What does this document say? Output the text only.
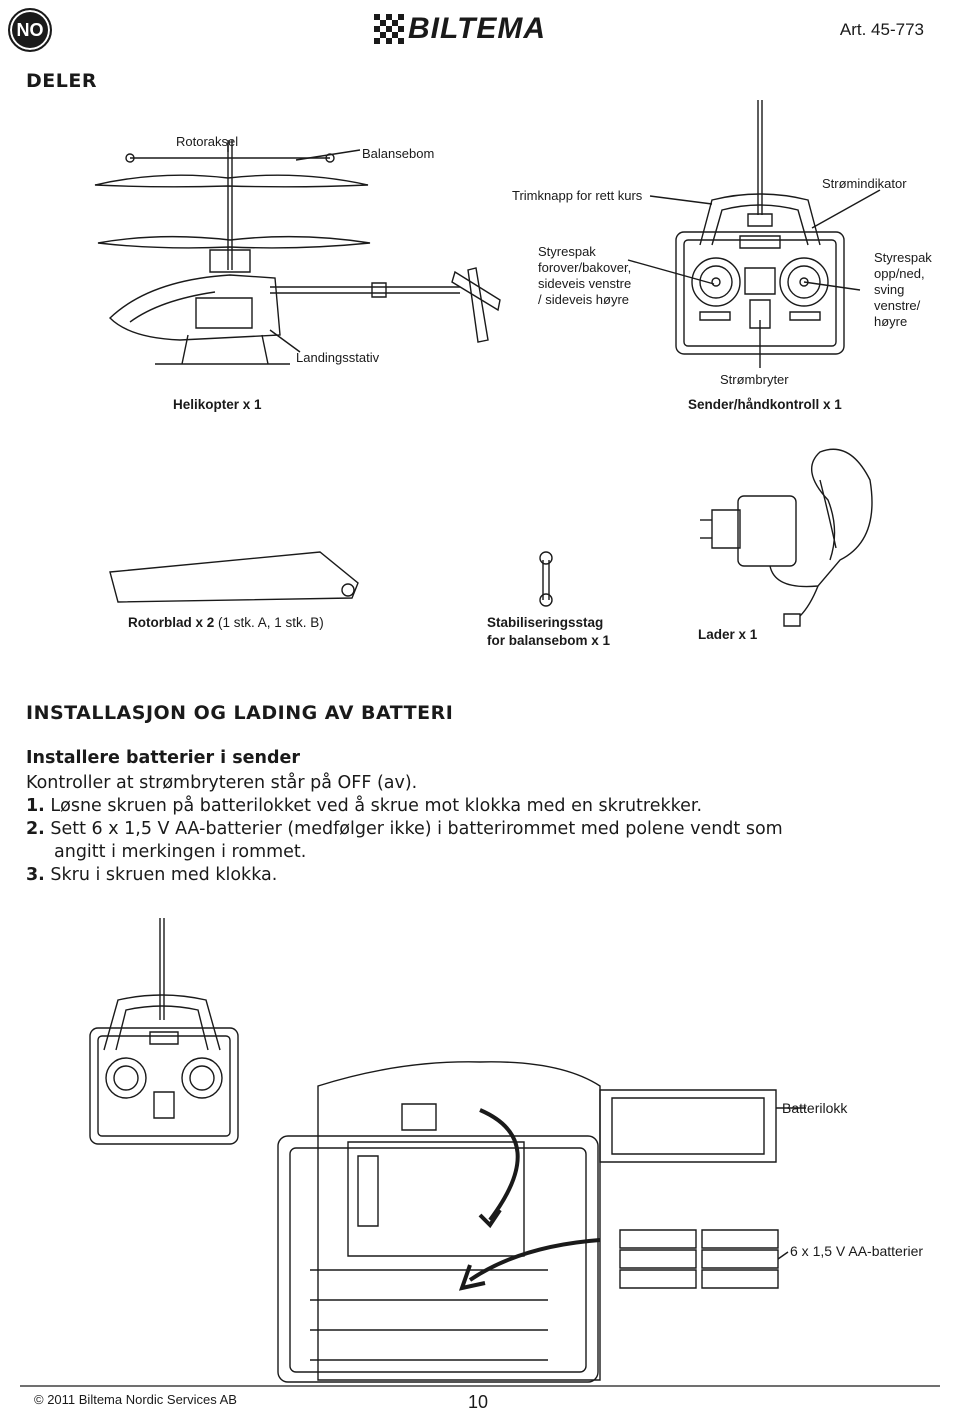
NO	BILTEMA	Art. 45-773
DELER
Rotoraksel
Balansebom
Landingsstativ
Helikopter x 1
Trimknapp for rett kurs
Strømindikator
Styrespak forover/bakover, sideveis venstre / sideveis høyre
Styrespak opp/ned, sving venstre/ høyre
Strømbryter
Sender/håndkontroll x 1
Rotorblad x 2 (1 stk. A, 1 stk. B)	Stabiliseringsstag
for balansebom x 1	Lader x 1
INSTALLASJON OG LADING AV BATTERI
Installere batterier i sender
Kontroller at strømbryteren står på OFF (av).
1. Løsne skruen på batterilokket ved å skrue mot klokka med en skrutrekker.
2. Sett 6 x 1,5 V AA-batterier (medfølger ikke) i batterirommet med polene vendt som
angitt i merkingen i rommet.
3. Skru i skruen med klokka.
Batterilokk
6 x 1,5 V AA-batterier
© 2011 Biltema Nordic Services AB	10
